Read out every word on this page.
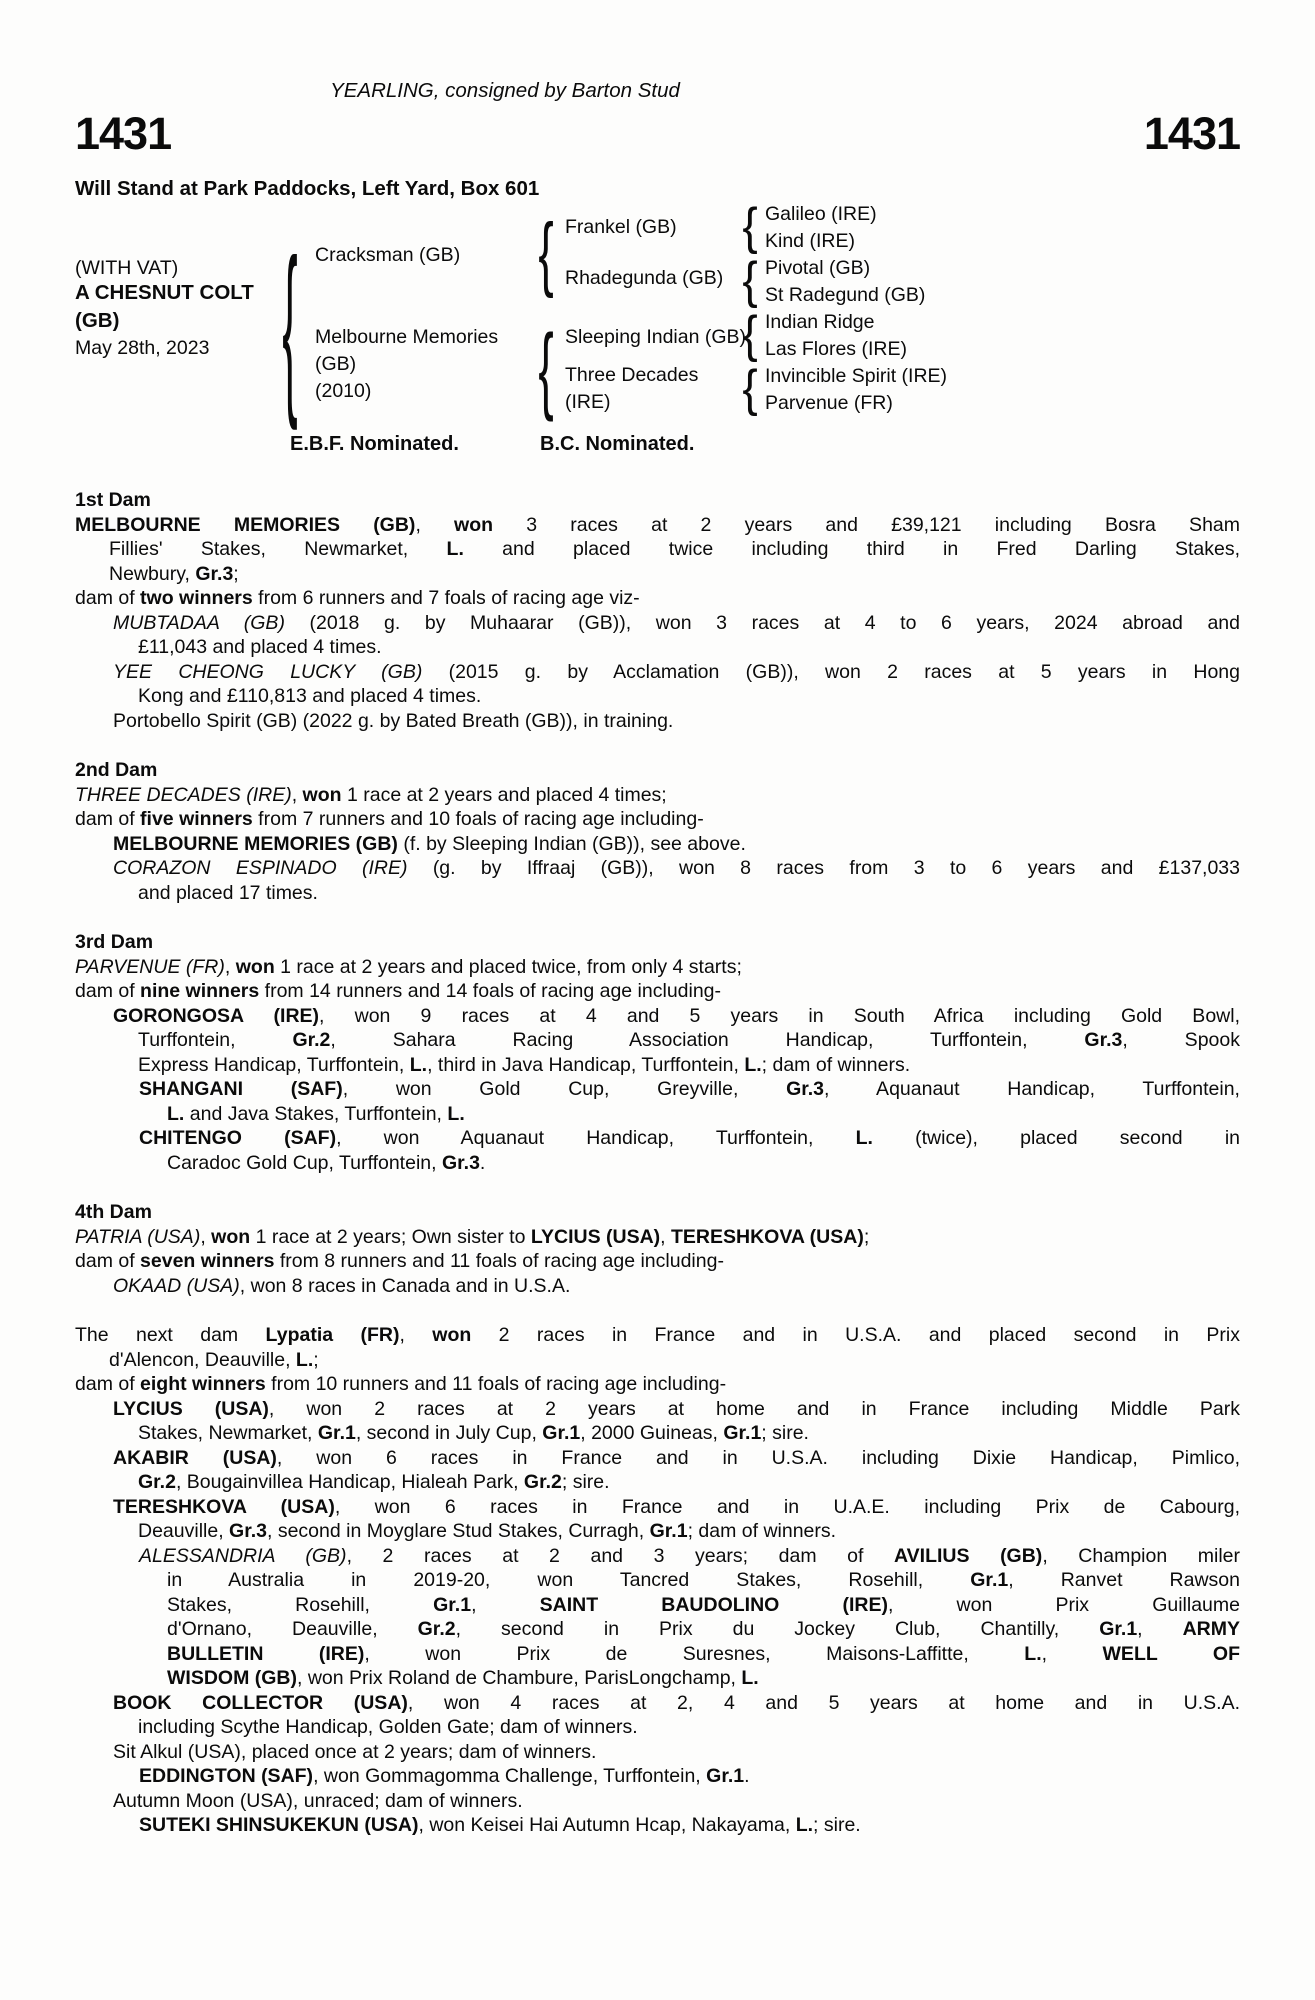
YEARLING, consigned by Barton Stud
1431	1431
Will Stand at Park Paddocks, Left Yard, Box 601
(WITH VAT)
A CHESNUT COLT
(GB)
May 28th, 2023
{
Cracksman (GB)
Melbourne Memories
(GB)
(2010)
{
{
Frankel (GB)
Rhadegunda (GB)
Sleeping Indian (GB)
Three Decades
(IRE)
{
{
{
{
Galileo (IRE)
Kind (IRE)
Pivotal (GB)
St Radegund (GB)
Indian Ridge
Las Flores (IRE)
Invincible Spirit (IRE)
Parvenue (FR)
E.B.F. Nominated.	B.C. Nominated.
1st Dam
MELBOURNE MEMORIES (GB), won 3 races at 2 years and £39,121 including Bosra Sham
Fillies' Stakes, Newmarket, L. and placed twice including third in Fred Darling Stakes,
Newbury, Gr.3;
dam of two winners from 6 runners and 7 foals of racing age viz-
MUBTADAA (GB) (2018 g. by Muhaarar (GB)), won 3 races at 4 to 6 years, 2024 abroad and
£11,043 and placed 4 times.
YEE CHEONG LUCKY (GB) (2015 g. by Acclamation (GB)), won 2 races at 5 years in Hong
Kong and £110,813 and placed 4 times.
Portobello Spirit (GB) (2022 g. by Bated Breath (GB)), in training.
2nd Dam
THREE DECADES (IRE), won 1 race at 2 years and placed 4 times;
dam of five winners from 7 runners and 10 foals of racing age including-
MELBOURNE MEMORIES (GB) (f. by Sleeping Indian (GB)), see above.
CORAZON ESPINADO (IRE) (g. by Iffraaj (GB)), won 8 races from 3 to 6 years and £137,033
and placed 17 times.
3rd Dam
PARVENUE (FR), won 1 race at 2 years and placed twice, from only 4 starts;
dam of nine winners from 14 runners and 14 foals of racing age including-
GORONGOSA (IRE), won 9 races at 4 and 5 years in South Africa including Gold Bowl,
Turffontein, Gr.2, Sahara Racing Association Handicap, Turffontein, Gr.3, Spook
Express Handicap, Turffontein, L., third in Java Handicap, Turffontein, L.; dam of winners.
SHANGANI (SAF), won Gold Cup, Greyville, Gr.3, Aquanaut Handicap, Turffontein,
L. and Java Stakes, Turffontein, L.
CHITENGO (SAF), won Aquanaut Handicap, Turffontein, L. (twice), placed second in
Caradoc Gold Cup, Turffontein, Gr.3.
4th Dam
PATRIA (USA), won 1 race at 2 years; Own sister to LYCIUS (USA), TERESHKOVA (USA);
dam of seven winners from 8 runners and 11 foals of racing age including-
OKAAD (USA), won 8 races in Canada and in U.S.A.
The next dam Lypatia (FR), won 2 races in France and in U.S.A. and placed second in Prix
d'Alencon, Deauville, L.;
dam of eight winners from 10 runners and 11 foals of racing age including-
LYCIUS (USA), won 2 races at 2 years at home and in France including Middle Park
Stakes, Newmarket, Gr.1, second in July Cup, Gr.1, 2000 Guineas, Gr.1; sire.
AKABIR (USA), won 6 races in France and in U.S.A. including Dixie Handicap, Pimlico,
Gr.2, Bougainvillea Handicap, Hialeah Park, Gr.2; sire.
TERESHKOVA (USA), won 6 races in France and in U.A.E. including Prix de Cabourg,
Deauville, Gr.3, second in Moyglare Stud Stakes, Curragh, Gr.1; dam of winners.
ALESSANDRIA (GB), 2 races at 2 and 3 years; dam of AVILIUS (GB), Champion miler
in Australia in 2019-20, won Tancred Stakes, Rosehill, Gr.1, Ranvet Rawson
Stakes, Rosehill, Gr.1, SAINT BAUDOLINO (IRE), won Prix Guillaume
d'Ornano, Deauville, Gr.2, second in Prix du Jockey Club, Chantilly, Gr.1, ARMY
BULLETIN (IRE), won Prix de Suresnes, Maisons-Laffitte, L., WELL OF
WISDOM (GB), won Prix Roland de Chambure, ParisLongchamp, L.
BOOK COLLECTOR (USA), won 4 races at 2, 4 and 5 years at home and in U.S.A.
including Scythe Handicap, Golden Gate; dam of winners.
Sit Alkul (USA), placed once at 2 years; dam of winners.
EDDINGTON (SAF), won Gommagomma Challenge, Turffontein, Gr.1.
Autumn Moon (USA), unraced; dam of winners.
SUTEKI SHINSUKEKUN (USA), won Keisei Hai Autumn Hcap, Nakayama, L.; sire.
